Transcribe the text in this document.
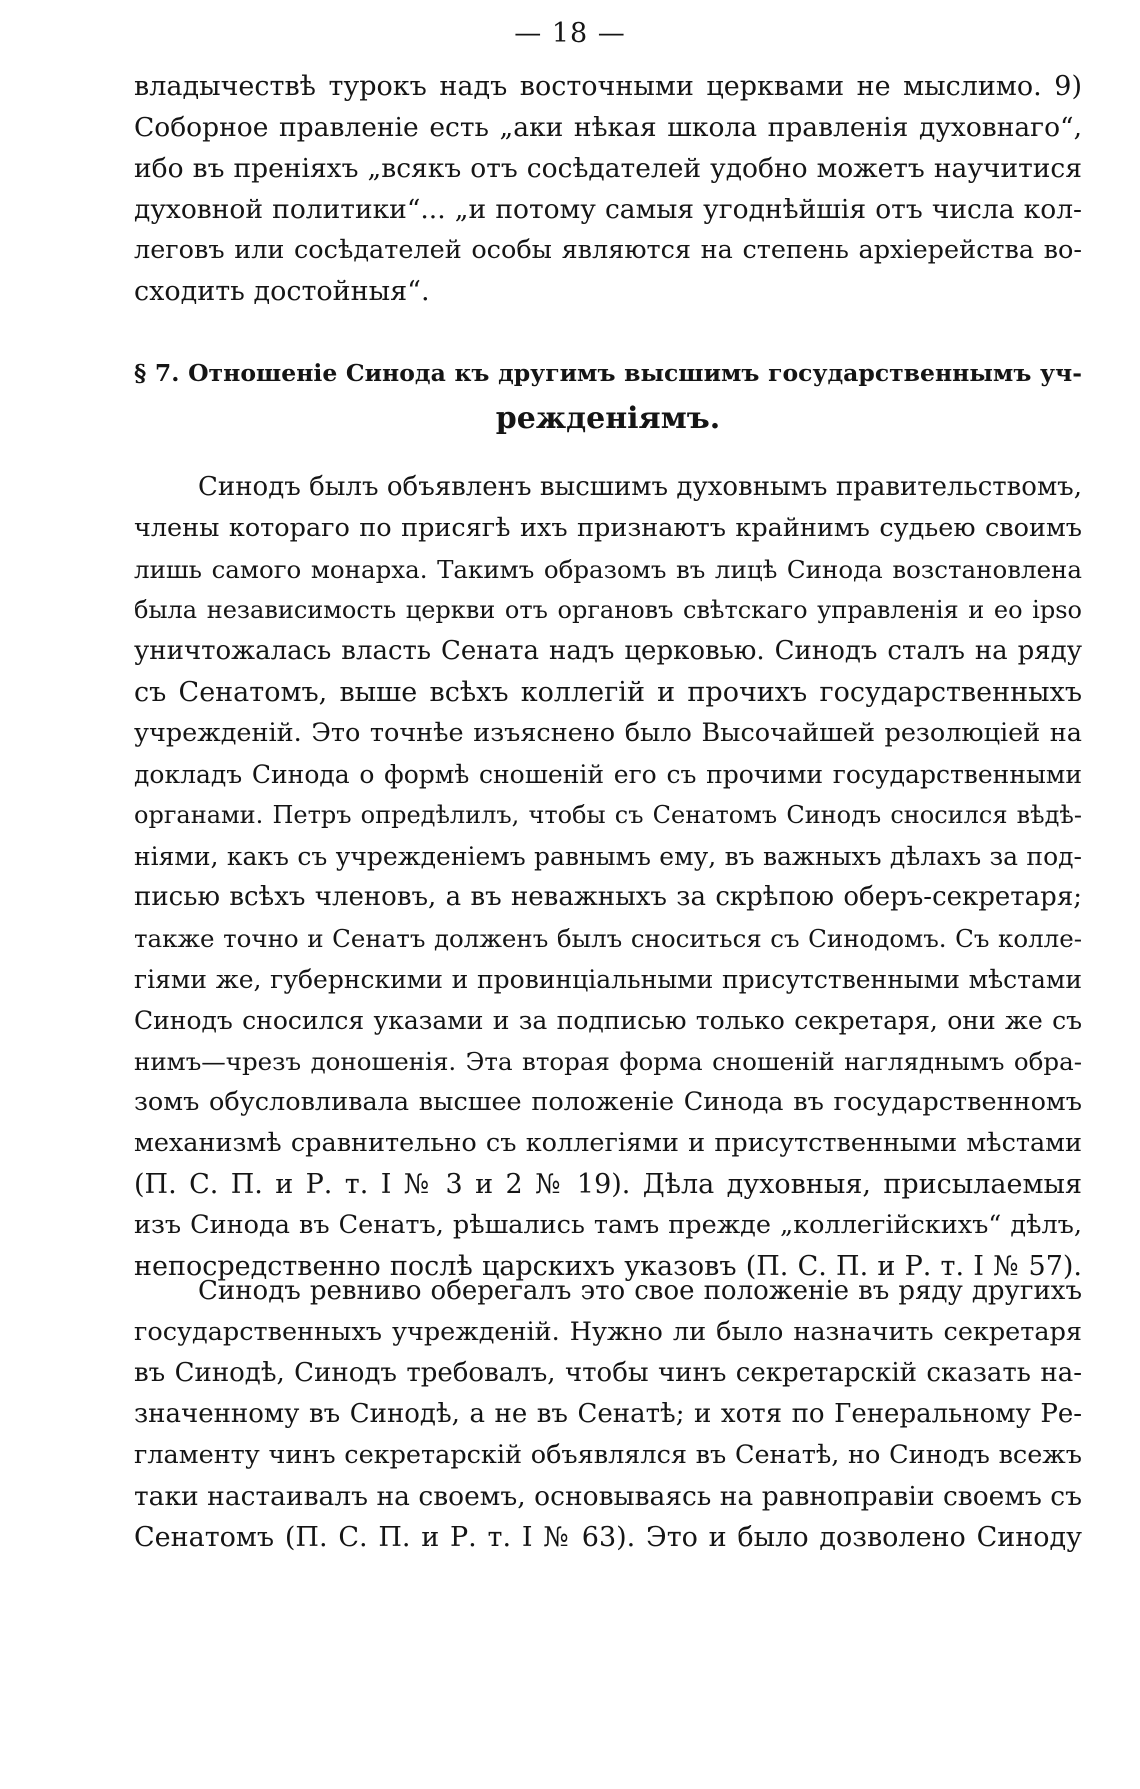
— 18 —
владычествѣ турокъ надъ восточными церквами не мыслимо. 9)
Соборное правленіе есть „аки нѣкая школа правленія духовнаго“,
ибо въ преніяхъ „всякъ отъ сосѣдателей удобно можетъ научитися
духовной политики“... „и потому самыя угоднѣйшія отъ числа кол-
леговъ или сосѣдателей особы являются на степень архіерейства во-
сходить достойныя“.
§ 7. Отношеніе Синода къ другимъ высшимъ государственнымъ уч-
режденіямъ.
Синодъ былъ объявленъ высшимъ духовнымъ правительствомъ,
члены котораго по присягѣ ихъ признаютъ крайнимъ судьею своимъ
лишь самого монарха. Такимъ образомъ въ лицѣ Синода возстановлена
была независимость церкви отъ органовъ свѣтскаго управленія и eo ipso
уничтожалась власть Сената надъ церковью. Синодъ сталъ на ряду
съ Сенатомъ, выше всѣхъ коллегій и прочихъ государственныхъ
учрежденій. Это точнѣе изъяснено было Высочайшей резолюціей на
докладъ Синода о формѣ сношеній его съ прочими государственными
органами. Петръ опредѣлилъ, чтобы съ Сенатомъ Синодъ сносился вѣдѣ-
ніями, какъ съ учрежденіемъ равнымъ ему, въ важныхъ дѣлахъ за под-
писью всѣхъ членовъ, а въ неважныхъ за скрѣпою оберъ-секретаря;
также точно и Сенатъ долженъ былъ сноситься съ Синодомъ. Съ колле-
гіями же, губернскими и провинціальными присутственными мѣстами
Синодъ сносился указами и за подписью только секретаря, они же съ
нимъ—чрезъ доношенія. Эта вторая форма сношеній нагляднымъ обра-
зомъ обусловливала высшее положеніе Синода въ государственномъ
механизмѣ сравнительно съ коллегіями и присутственными мѣстами
(П. С. П. и Р. т. I № 3 и 2 № 19). Дѣла духовныя, присылаемыя
изъ Синода въ Сенатъ, рѣшались тамъ прежде „коллегійскихъ“ дѣлъ,
непосредственно послѣ царскихъ указовъ (П. С. П. и Р. т. I № 57).
Синодъ ревниво оберегалъ это свое положеніе въ ряду другихъ
государственныхъ учрежденій. Нужно ли было назначить секретаря
въ Синодѣ, Синодъ требовалъ, чтобы чинъ секретарскій сказать на-
значенному въ Синодѣ, а не въ Сенатѣ; и хотя по Генеральному Ре-
гламенту чинъ секретарскій объявлялся въ Сенатѣ, но Синодъ всежъ
таки настаивалъ на своемъ, основываясь на равноправіи своемъ съ
Сенатомъ (П. С. П. и Р. т. I № 63). Это и было дозволено Синоду
